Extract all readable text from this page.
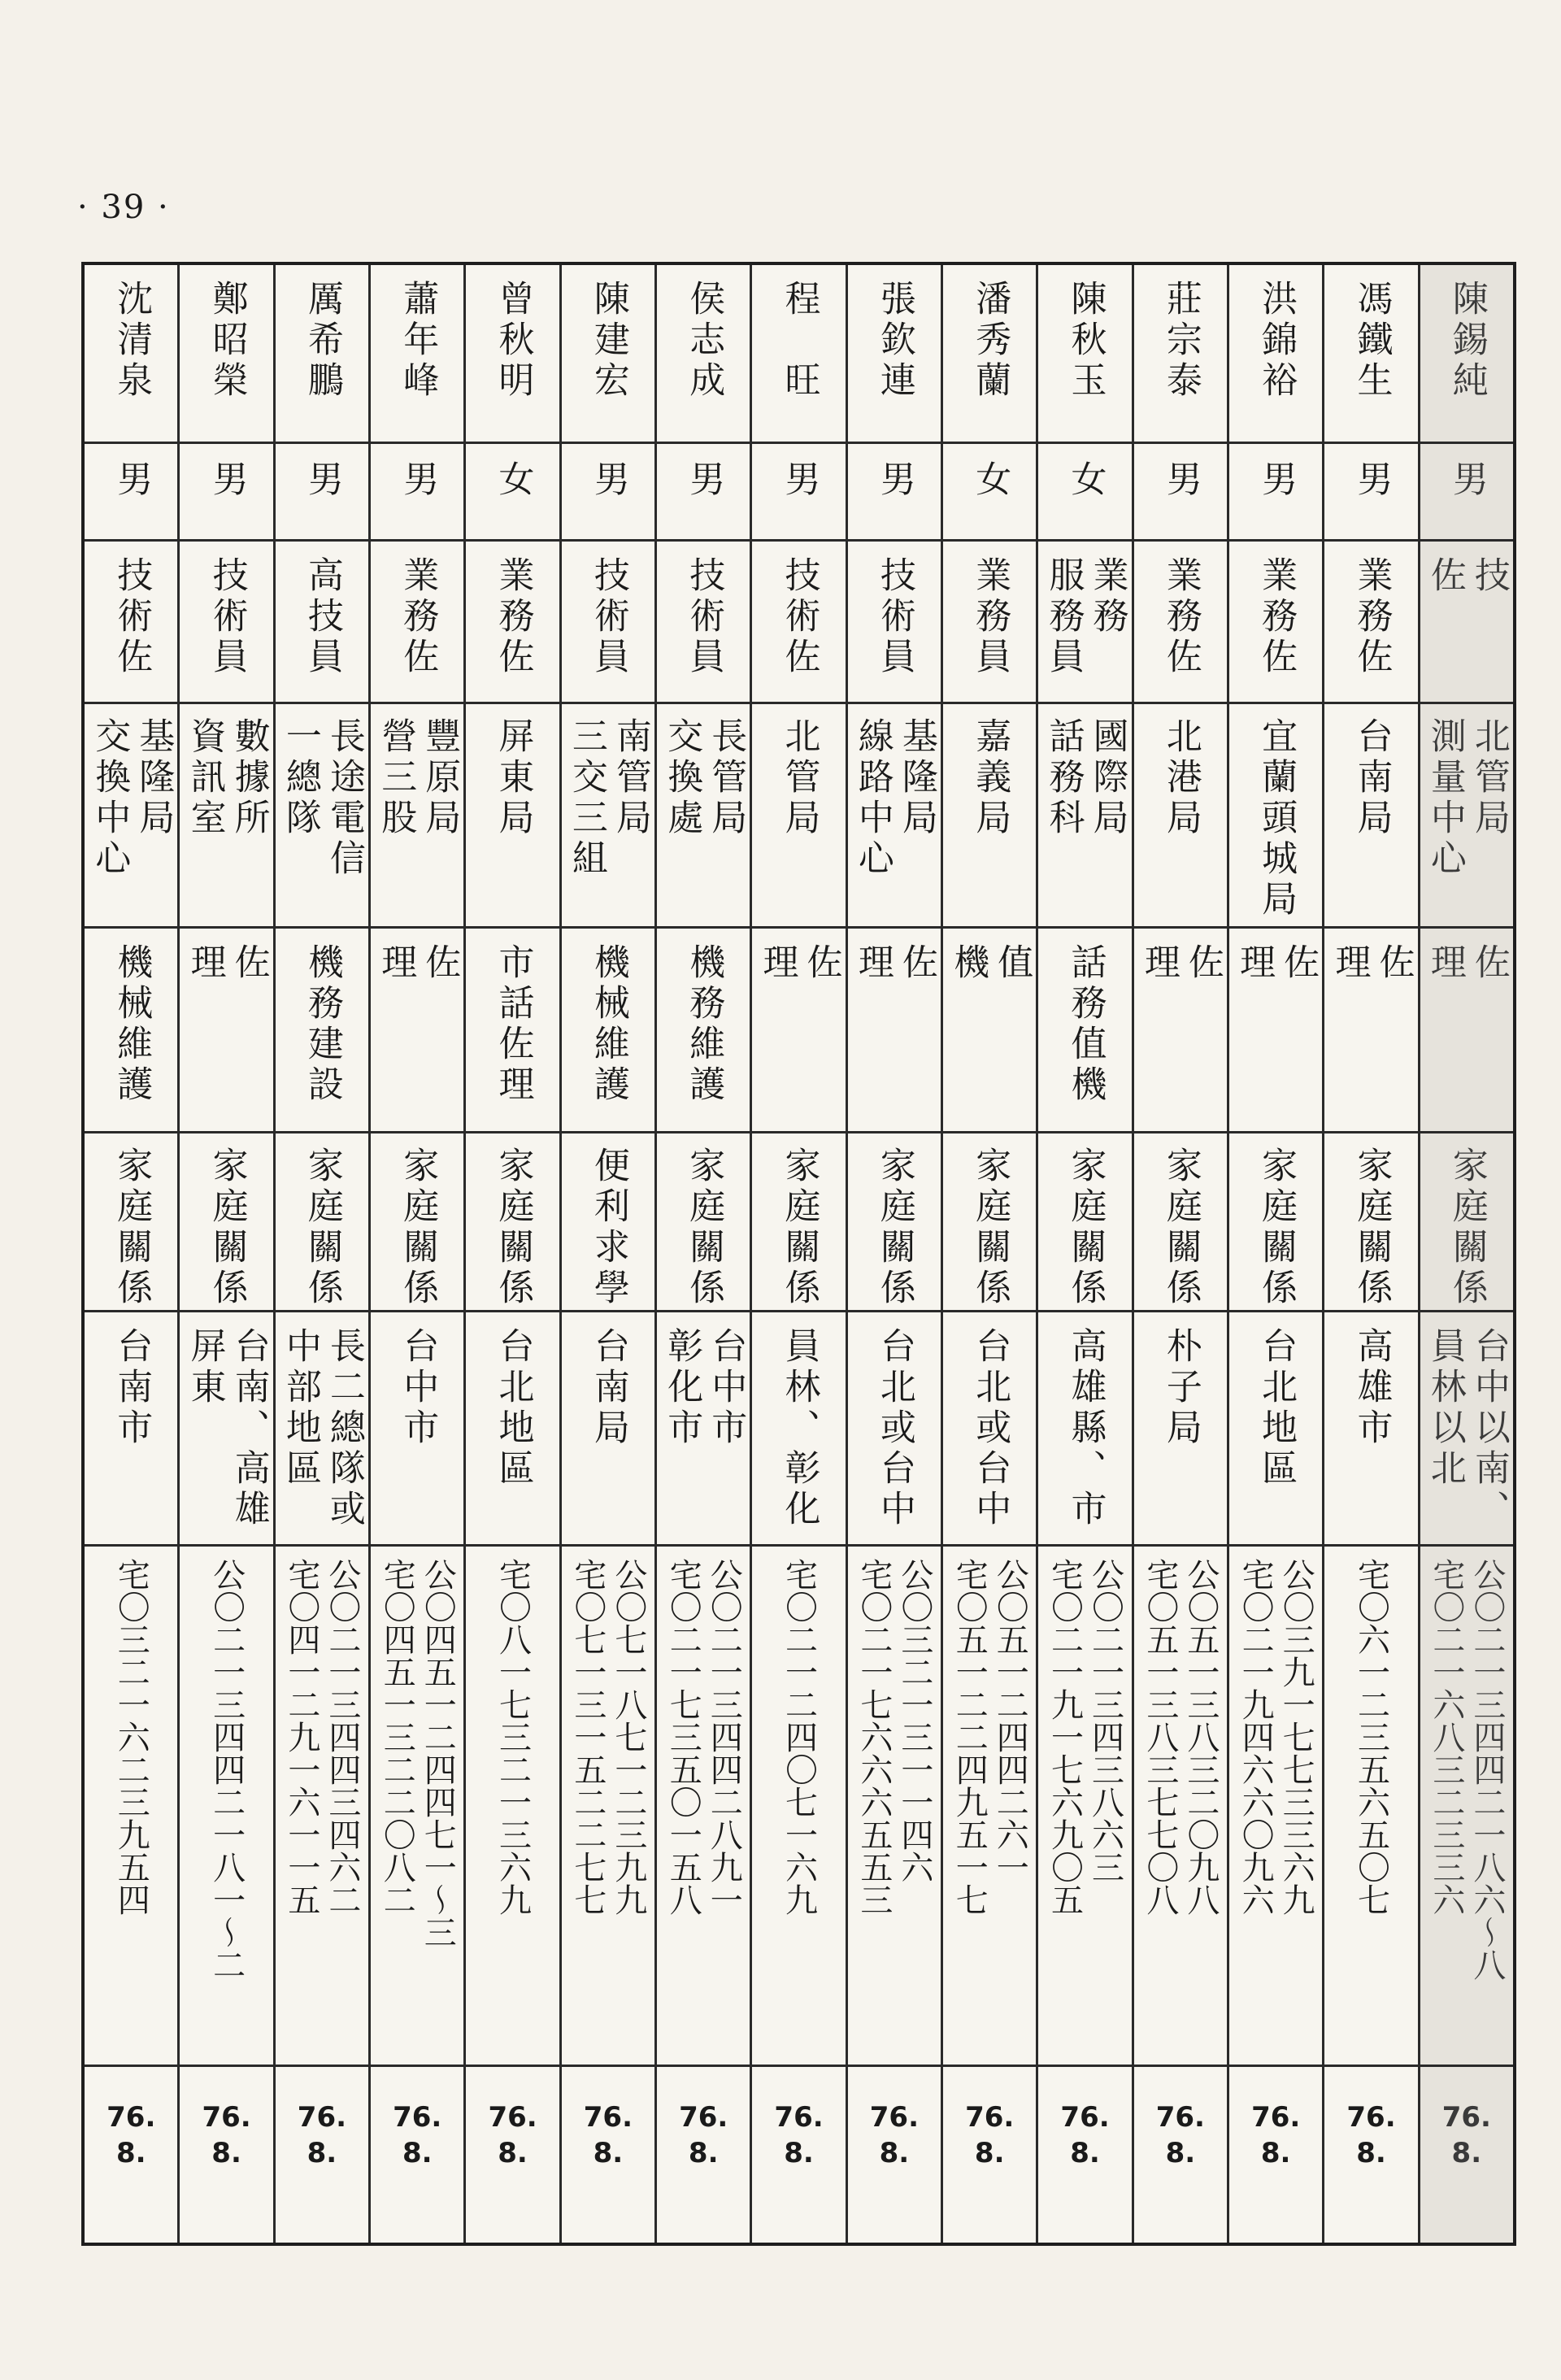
· 39 ·
陳錫純
男
技
佐
北管局
測量中心
佐
理
家庭關係
台中以南、
員林以北
公〇二一三四四二一八六～八
宅〇二一六八三二三三六
76.
8.
馮鐵生
男
業務佐
台南局
佐
理
家庭關係
高雄市
宅〇六一二三五六五〇七
76.
8.
洪錦裕
男
業務佐
宜蘭頭城局
佐
理
家庭關係
台北地區
公〇三九一七七三三六九
宅〇二一九四六六〇九六
76.
8.
莊宗泰
男
業務佐
北港局
佐
理
家庭關係
朴子局
公〇五一三八三二〇九八
宅〇五一三八三七七〇八
76.
8.
陳秋玉
女
業務
服務員
國際局
話務科
話務值機
家庭關係
高雄縣、市
公〇二一三四三八六三
宅〇二一九一七六九〇五
76.
8.
潘秀蘭
女
業務員
嘉義局
值
機
家庭關係
台北或台中
公〇五一二四四二六一
宅〇五一二二四九五一七
76.
8.
張欽連
男
技術員
基隆局
線路中心
佐
理
家庭關係
台北或台中
公〇三二一三一一四六
宅〇二一七六六六五五三
76.
8.
程　旺
男
技術佐
北管局
佐
理
家庭關係
員林、彰化
宅〇二一二四〇七一六九
76.
8.
侯志成
男
技術員
長管局
交換處
機務維護
家庭關係
台中市
彰化市
公〇二一三四四二八九一
宅〇二一七三五〇一五八
76.
8.
陳建宏
男
技術員
南管局
三交三組
機械維護
便利求學
台南局
公〇七一八七一二三九九
宅〇七一三一五二二七七
76.
8.
曾秋明
女
業務佐
屏東局
市話佐理
家庭關係
台北地區
宅〇八一七三二一三六九
76.
8.
蕭年峰
男
業務佐
豐原局
營三股
佐
理
家庭關係
台中市
公〇四五一二四四七一～三
宅〇四五一三二二〇八二
76.
8.
厲希鵬
男
高技員
長途電信
一總隊
機務建設
家庭關係
長二總隊或
中部地區
公〇二一三四四三四六二
宅〇四一二九一六一一五
76.
8.
鄭昭榮
男
技術員
數據所
資訊室
佐
理
家庭關係
台南、高雄
屏東
公〇二一三四四二一八一～二
76.
8.
沈清泉
男
技術佐
基隆局
交換中心
機械維護
家庭關係
台南市
宅〇三二一六二三九五四
76.
8.
